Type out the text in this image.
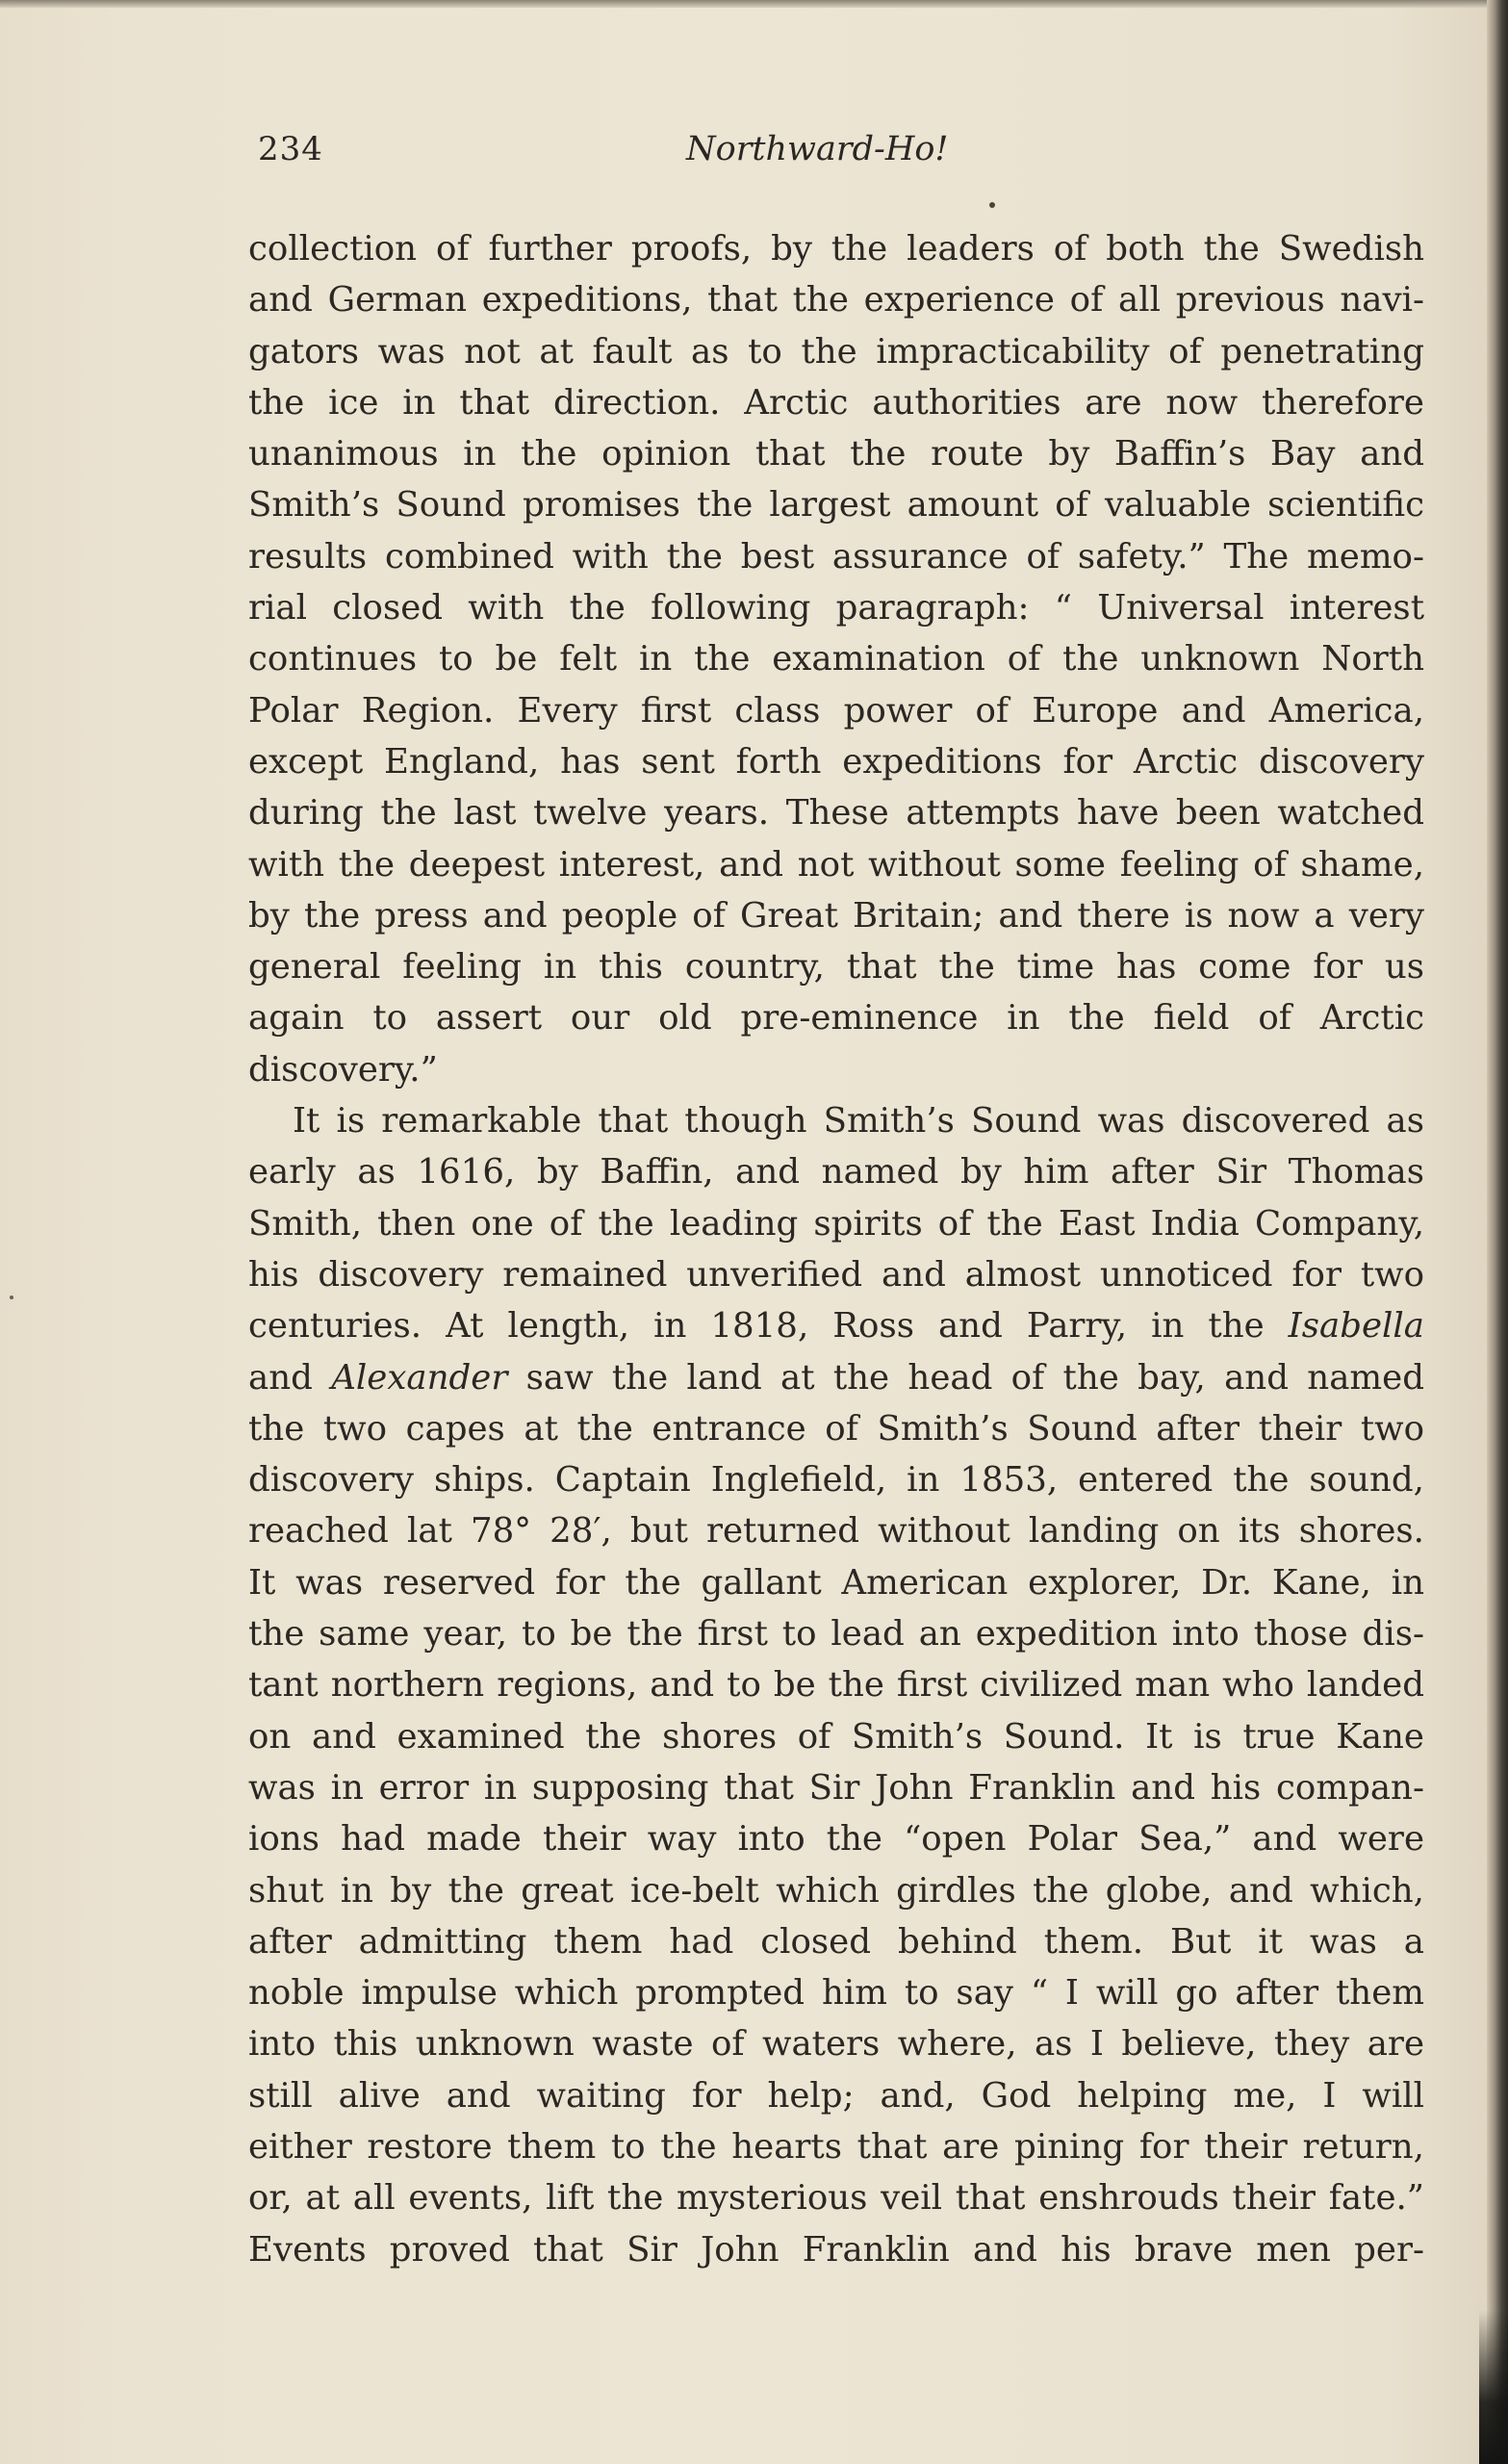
234	Northward-Ho!
collection of further proofs, by the leaders of both the Swedish
and German expeditions, that the experience of all previous navi-
gators was not at fault as to the impracticability of penetrating
the ice in that direction. Arctic authorities are now therefore
unanimous in the opinion that the route by Baffin’s Bay and
Smith’s Sound promises the largest amount of valuable scientific
results combined with the best assurance of safety.” The memo-
rial closed with the following paragraph: “ Universal interest
continues to be felt in the examination of the unknown North
Polar Region. Every first class power of Europe and America,
except England, has sent forth expeditions for Arctic discovery
during the last twelve years. These attempts have been watched
with the deepest interest, and not without some feeling of shame,
by the press and people of Great Britain; and there is now a very
general feeling in this country, that the time has come for us
again to assert our old pre-eminence in the field of Arctic
discovery.”
It is remarkable that though Smith’s Sound was discovered as
early as 1616, by Baffin, and named by him after Sir Thomas
Smith, then one of the leading spirits of the East India Company,
his discovery remained unverified and almost unnoticed for two
centuries. At length, in 1818, Ross and Parry, in the Isabella
and Alexander saw the land at the head of the bay, and named
the two capes at the entrance of Smith’s Sound after their two
discovery ships. Captain Inglefield, in 1853, entered the sound,
reached lat 78° 28′, but returned without landing on its shores.
It was reserved for the gallant American explorer, Dr. Kane, in
the same year, to be the first to lead an expedition into those dis-
tant northern regions, and to be the first civilized man who landed
on and examined the shores of Smith’s Sound. It is true Kane
was in error in supposing that Sir John Franklin and his compan-
ions had made their way into the “open Polar Sea,” and were
shut in by the great ice-belt which girdles the globe, and which,
after admitting them had closed behind them. But it was a
noble impulse which prompted him to say “ I will go after them
into this unknown waste of waters where, as I believe, they are
still alive and waiting for help; and, God helping me, I will
either restore them to the hearts that are pining for their return,
or, at all events, lift the mysterious veil that enshrouds their fate.”
Events proved that Sir John Franklin and his brave men per-
